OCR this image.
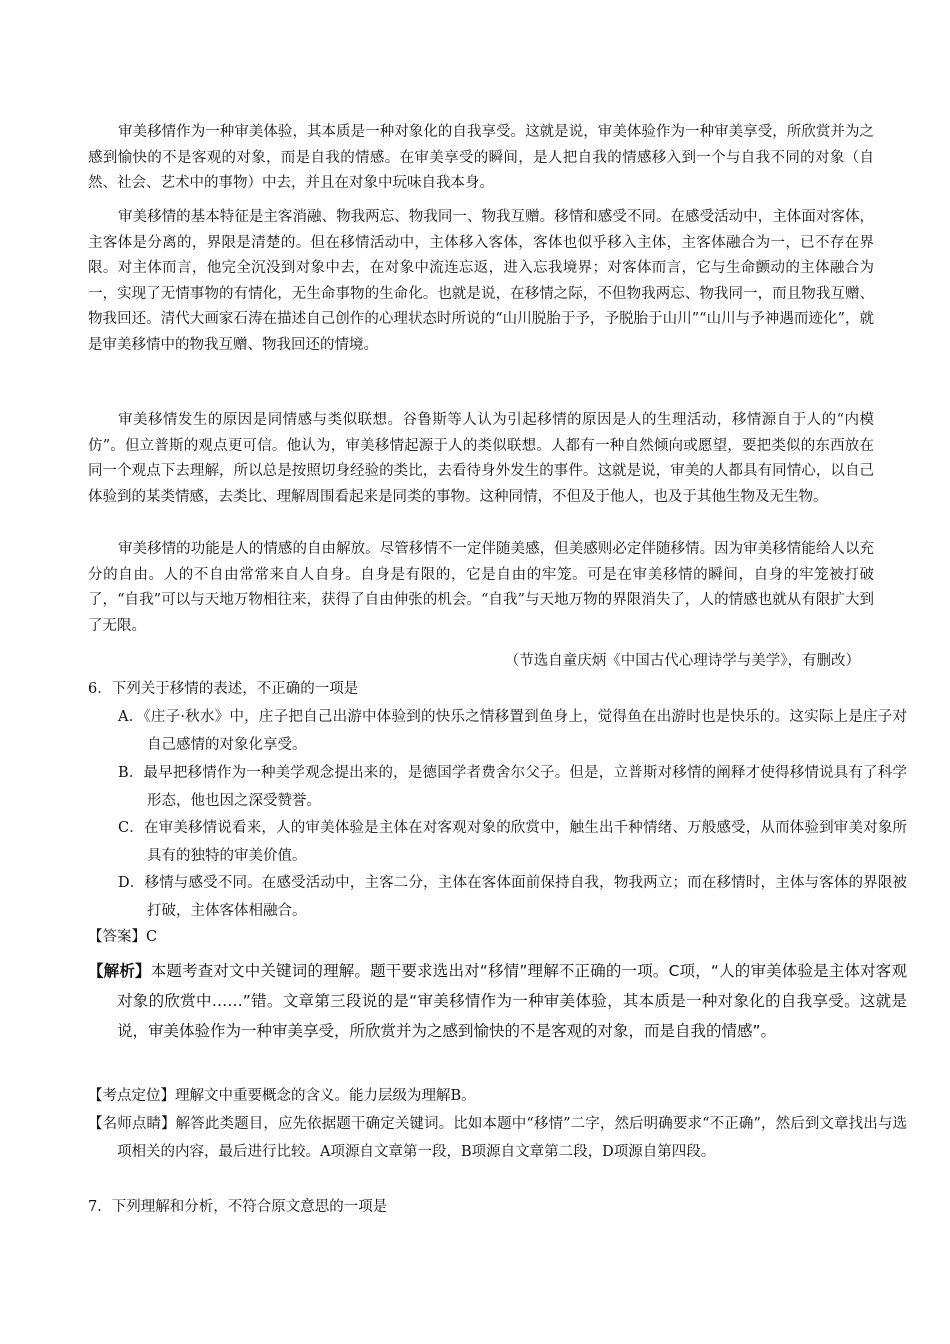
审美移情作为一种审美体验，其本质是一种对象化的自我享受。这就是说，审美体验作为一种审美享受，所欣赏并为之感到愉快的不是客观的对象，而是自我的情感。在审美享受的瞬间，是人把自我的情感移入到一个与自我不同的对象（自然、社会、艺术中的事物）中去，并且在对象中玩味自我本身。

审美移情的基本特征是主客消融、物我两忘、物我同一、物我互赠。移情和感受不同。在感受活动中，主体面对客体，主客体是分离的，界限是清楚的。但在移情活动中，主体移入客体，客体也似乎移入主体，主客体融合为一，已不存在界限。对主体而言，他完全沉没到对象中去，在对象中流连忘返，进入忘我境界；对客体而言，它与生命颤动的主体融合为一，实现了无情事物的有情化，无生命事物的生命化。也就是说，在移情之际，不但物我两忘、物我同一，而且物我互赠、物我回还。清代大画家石涛在描述自己创作的心理状态时所说的“山川脱胎于予，予脱胎于山川”“山川与予神遇而迹化”，就是审美移情中的物我互赠、物我回还的情境。

审美移情发生的原因是同情感与类似联想。谷鲁斯等人认为引起移情的原因是人的生理活动，移情源自于人的“内模仿”。但立普斯的观点更可信。他认为，审美移情起源于人的类似联想。人都有一种自然倾向或愿望，要把类似的东西放在同一个观点下去理解，所以总是按照切身经验的类比，去看待身外发生的事件。这就是说，审美的人都具有同情心，以自己体验到的某类情感，去类比、理解周围看起来是同类的事物。这种同情，不但及于他人，也及于其他生物及无生物。

审美移情的功能是人的情感的自由解放。尽管移情不一定伴随美感，但美感则必定伴随移情。因为审美移情能给人以充分的自由。人的不自由常常来自人自身。自身是有限的，它是自由的牢笼。可是在审美移情的瞬间，自身的牢笼被打破了，“自我”可以与天地万物相往来，获得了自由伸张的机会。“自我”与天地万物的界限消失了，人的情感也就从有限扩大到了无限。

（节选自童庆炳《中国古代心理诗学与美学》，有删改）
6．下列关于移情的表述，不正确的一项是
A．《庄子·秋水》中，庄子把自己出游中体验到的快乐之情移置到鱼身上，觉得鱼在出游时也是快乐的。这实际上是庄子对自己感情的对象化享受。
B．最早把移情作为一种美学观念提出来的，是德国学者费舍尔父子。但是，立普斯对移情的阐释才使得移情说具有了科学形态，他也因之深受赞誉。
C．在审美移情说看来，人的审美体验是主体在对客观对象的欣赏中，触生出千种情绪、万般感受，从而体验到审美对象所具有的独特的审美价值。
D．移情与感受不同。在感受活动中，主客二分，主体在客体面前保持自我，物我两立；而在移情时，主体与客体的界限被打破，主体客体相融合。
【答案】C
【解析】本题考查对文中关键词的理解。题干要求选出对“移情”理解不正确的一项。C项，“人的审美体验是主体对客观对象的欣赏中……”错。文章第三段说的是“审美移情作为一种审美体验，其本质是一种对象化的自我享受。这就是说，审美体验作为一种审美享受，所欣赏并为之感到愉快的不是客观的对象，而是自我的情感”。
【考点定位】理解文中重要概念的含义。能力层级为理解B。
【名师点睛】解答此类题目，应先依据题干确定关键词。比如本题中“移情”二字，然后明确要求“不正确”，然后到文章找出与选项相关的内容，最后进行比较。A项源自文章第一段，B项源自文章第二段，D项源自第四段。
7．下列理解和分析，不符合原文意思的一项是
